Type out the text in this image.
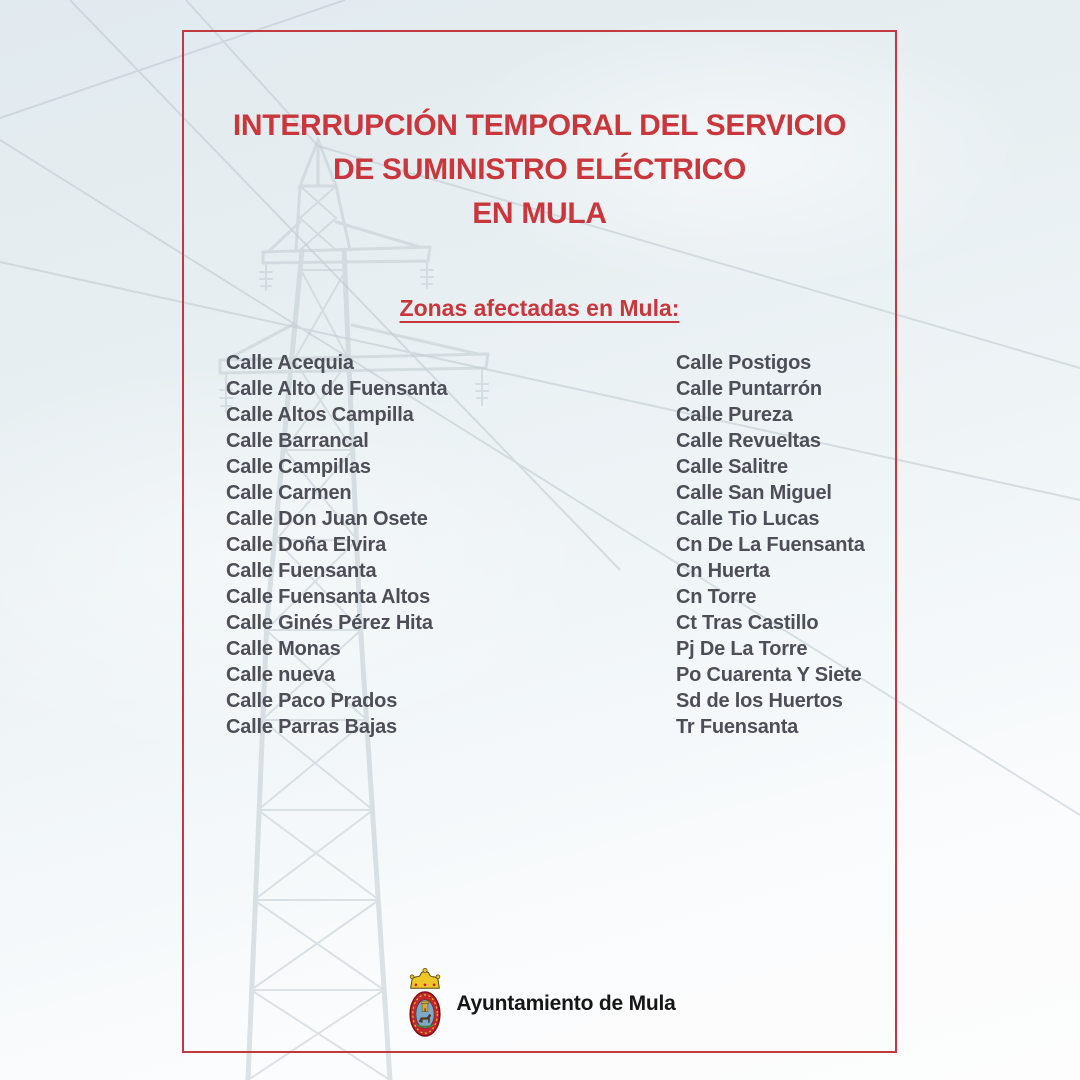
INTERRUPCIÓN TEMPORAL DEL SERVICIO
DE SUMINISTRO ELÉCTRICO
EN MULA
Zonas afectadas en Mula:
Calle Acequia
Calle Alto de Fuensanta
Calle Altos Campilla
Calle Barrancal
Calle Campillas
Calle Carmen
Calle Don Juan Osete
Calle Doña Elvira
Calle Fuensanta
Calle Fuensanta Altos
Calle Ginés Pérez Hita
Calle Monas
Calle nueva
Calle Paco Prados
Calle Parras Bajas
Calle Postigos
Calle Puntarrón
Calle Pureza
Calle Revueltas
Calle Salitre
Calle San Miguel
Calle Tio Lucas
Cn De La Fuensanta
Cn Huerta
Cn Torre
Ct Tras Castillo
Pj De La Torre
Po Cuarenta Y Siete
Sd de los Huertos
Tr Fuensanta
Ayuntamiento de Mula
